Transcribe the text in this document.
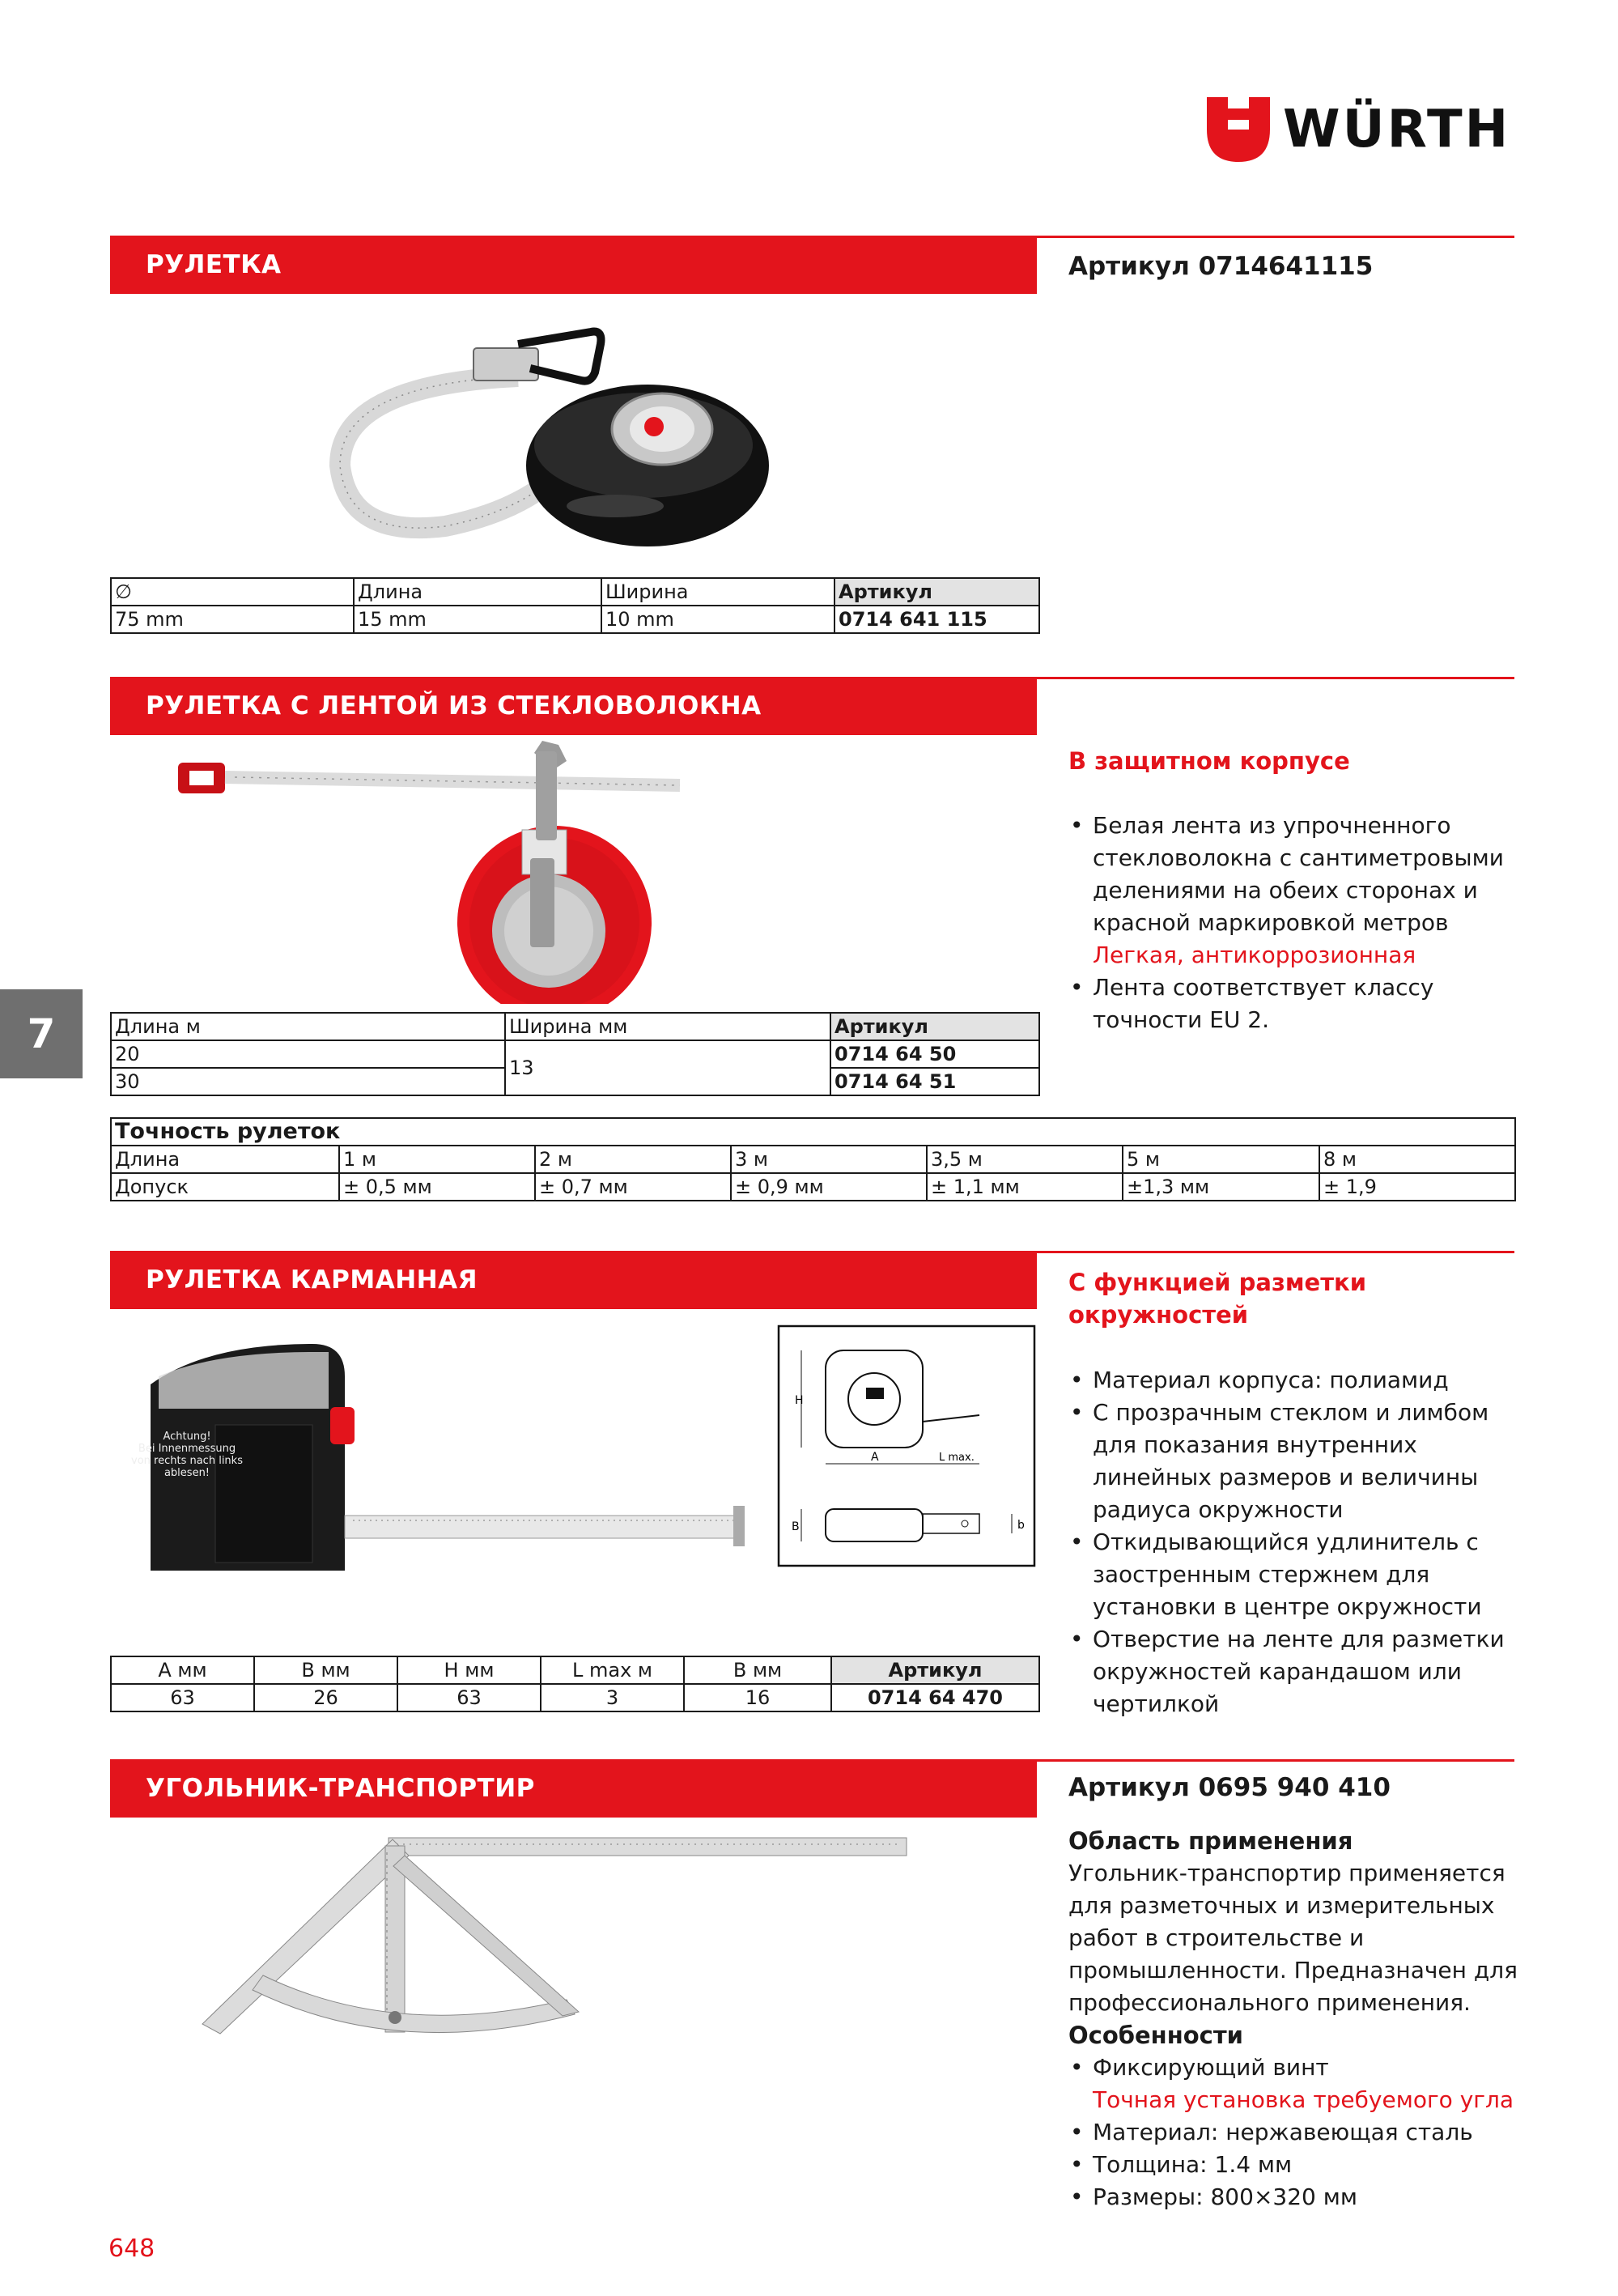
WÜRTH
7
РУЛЕТКА	Артикул 0714641115
∅	Длина	Ширина	Артикул
75 mm	15 mm	10 mm	0714 641 115
РУЛЕТКА С ЛЕНТОЙ ИЗ СТЕКЛОВОЛОКНА
В защитном корпусе
• Белая лента из упрочненного стекловолокна с сантиметровыми делениями на обеих сторонах и красной маркировкой метров
Легкая, антикоррозионная
• Лента соответствует классу точности EU 2.
Длина м	Ширина мм	Артикул
20	13	0714 64 50
30		0714 64 51
Точность рулеток						
Длина	1 м	2 м	3 м	3,5 м	5 м	8 м
Допуск	± 0,5 мм	± 0,7 мм	± 0,9 мм	± 1,1 мм	±1,3 мм	± 1,9
РУЛЕТКА КАРМАННАЯ	С функцией разметки окружностей
• Материал корпуса: полиамид
• С прозрачным стеклом и лимбом для показания внутренних линейных размеров и величины радиуса окружности
• Откидывающийся удлинитель с заостренным стержнем для установки в центре окружности
• Отверстие на ленте для разметки окружностей карандашом или чертилкой
Achtung!
Bei Innenmessung
von rechts nach links
ablesen!
H
A	L max.
B	b
A мм	B мм	H мм	L max м	B мм	Артикул
63	26	63	3	16	0714 64 470
УГОЛЬНИК-ТРАНСПОРТИР	Артикул 0695 940 410
Область применения
Угольник-транспортир применяется для разметочных и измерительных работ в строительстве и промышленности. Предназначен для профессионального применения.
Особенности
• Фиксирующий винт
Точная установка требуемого угла
• Материал: нержавеющая сталь
• Толщина: 1.4 мм
• Размеры: 800×320 мм
648
